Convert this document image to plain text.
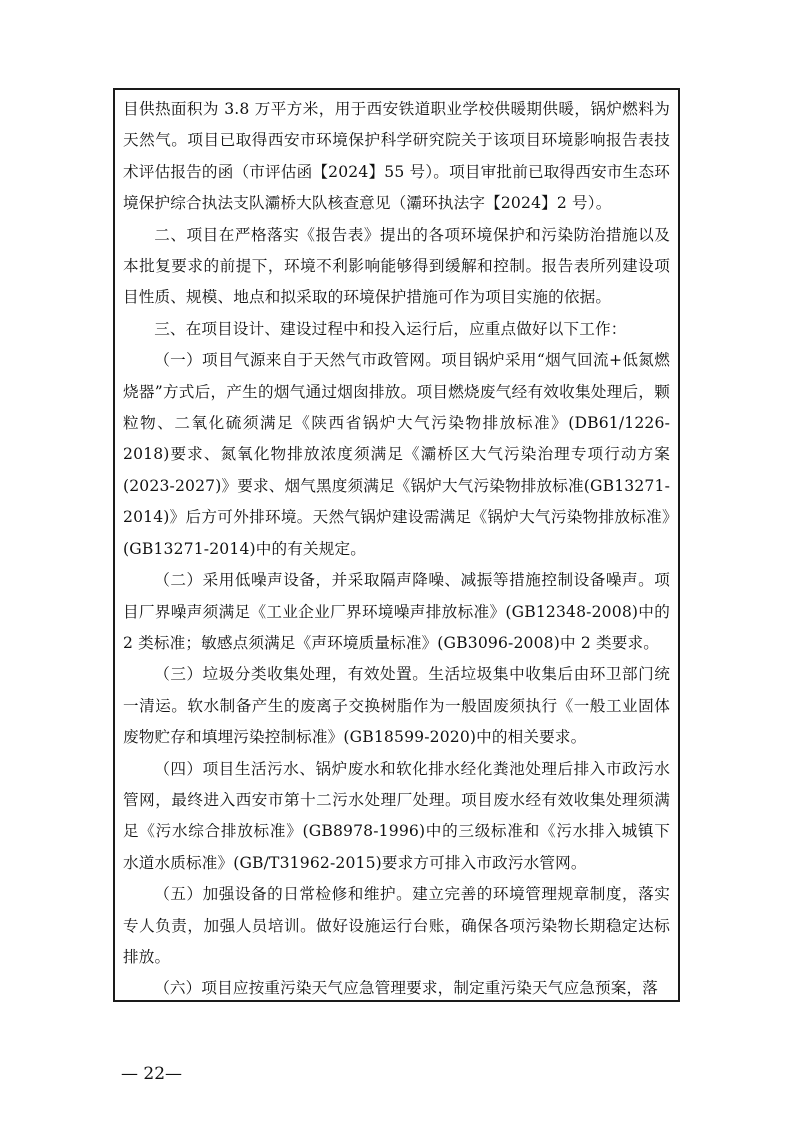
目供热面积为 3.8 万平方米，用于西安铁道职业学校供暖期供暖，锅炉燃料为天然气。项目已取得西安市环境保护科学研究院关于该项目环境影响报告表技术评估报告的函（市评估函【2024】55 号）。项目审批前已取得西安市生态环境保护综合执法支队灞桥大队核查意见（灞环执法字【2024】2 号）。

二、项目在严格落实《报告表》提出的各项环境保护和污染防治措施以及本批复要求的前提下，环境不利影响能够得到缓解和控制。报告表所列建设项目性质、规模、地点和拟采取的环境保护措施可作为项目实施的依据。

三、在项目设计、建设过程中和投入运行后，应重点做好以下工作：

（一）项目气源来自于天然气市政管网。项目锅炉采用“烟气回流+低氮燃烧器”方式后，产生的烟气通过烟囱排放。项目燃烧废气经有效收集处理后，颗粒物、二氧化硫须满足《陕西省锅炉大气污染物排放标准》(DB61/1226-2018)要求、氮氧化物排放浓度须满足《灞桥区大气污染治理专项行动方案(2023-2027)》要求、烟气黑度须满足《锅炉大气污染物排放标准(GB13271-2014)》后方可外排环境。天然气锅炉建设需满足《锅炉大气污染物排放标准》(GB13271-2014)中的有关规定。

（二）采用低噪声设备，并采取隔声降噪、减振等措施控制设备噪声。项目厂界噪声须满足《工业企业厂界环境噪声排放标准》(GB12348-2008)中的 2 类标准；敏感点须满足《声环境质量标准》(GB3096-2008)中 2 类要求。

（三）垃圾分类收集处理，有效处置。生活垃圾集中收集后由环卫部门统一清运。软水制备产生的废离子交换树脂作为一般固废须执行《一般工业固体废物贮存和填埋污染控制标准》(GB18599-2020)中的相关要求。

（四）项目生活污水、锅炉废水和软化排水经化粪池处理后排入市政污水管网，最终进入西安市第十二污水处理厂处理。项目废水经有效收集处理须满足《污水综合排放标准》(GB8978-1996)中的三级标准和《污水排入城镇下水道水质标准》(GB/T31962-2015)要求方可排入市政污水管网。

（五）加强设备的日常检修和维护。建立完善的环境管理规章制度，落实专人负责，加强人员培训。做好设施运行台账，确保各项污染物长期稳定达标排放。

（六）项目应按重污染天气应急管理要求，制定重污染天气应急预案，落

— 22—
